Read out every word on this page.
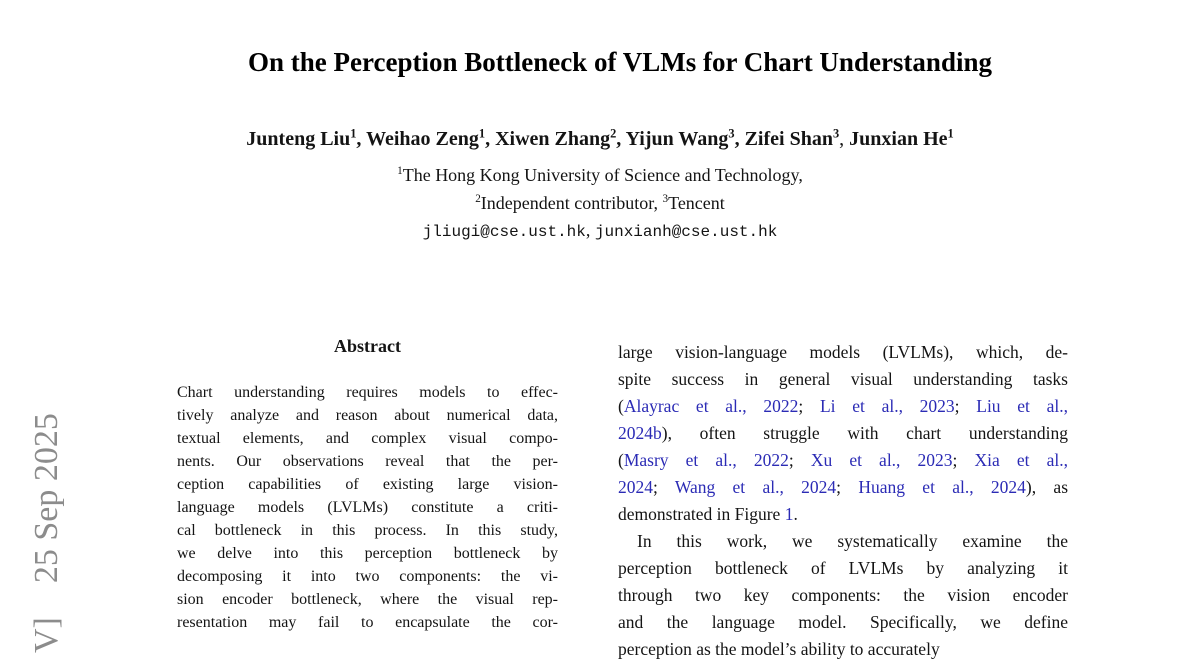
V] 25 Sep 2025
On the Perception Bottleneck of VLMs for Chart Understanding
Junteng Liu$^1$, Weihao Zeng$^1$, Xiwen Zhang$^2$, Yijun Wang$^3$, Zifei Shan$^3$, Junxian He$^1$
$^1$The Hong Kong University of Science and Technology,
$^2$Independent contributor, $^3$Tencent
jliugi@cse.ust.hk, junxianh@cse.ust.hk
Abstract
Chart understanding requires models to effec-
tively analyze and reason about numerical data,
textual elements, and complex visual compo-
nents. Our observations reveal that the per-
ception capabilities of existing large vision-
language models (LVLMs) constitute a criti-
cal bottleneck in this process. In this study,
we delve into this perception bottleneck by
decomposing it into two components: the vi-
sion encoder bottleneck, where the visual rep-
resentation may fail to encapsulate the cor-
large vision-language models (LVLMs), which, de-
spite success in general visual understanding tasks
(Alayrac et al., 2022; Li et al., 2023; Liu et al.,
2024b), often struggle with chart understanding
(Masry et al., 2022; Xu et al., 2023; Xia et al.,
2024; Wang et al., 2024; Huang et al., 2024), as
demonstrated in Figure 1.
In this work, we systematically examine the
perception bottleneck of LVLMs by analyzing it
through two key components: the vision encoder
and the language model. Specifically, we define
perception as the model’s ability to accurately
